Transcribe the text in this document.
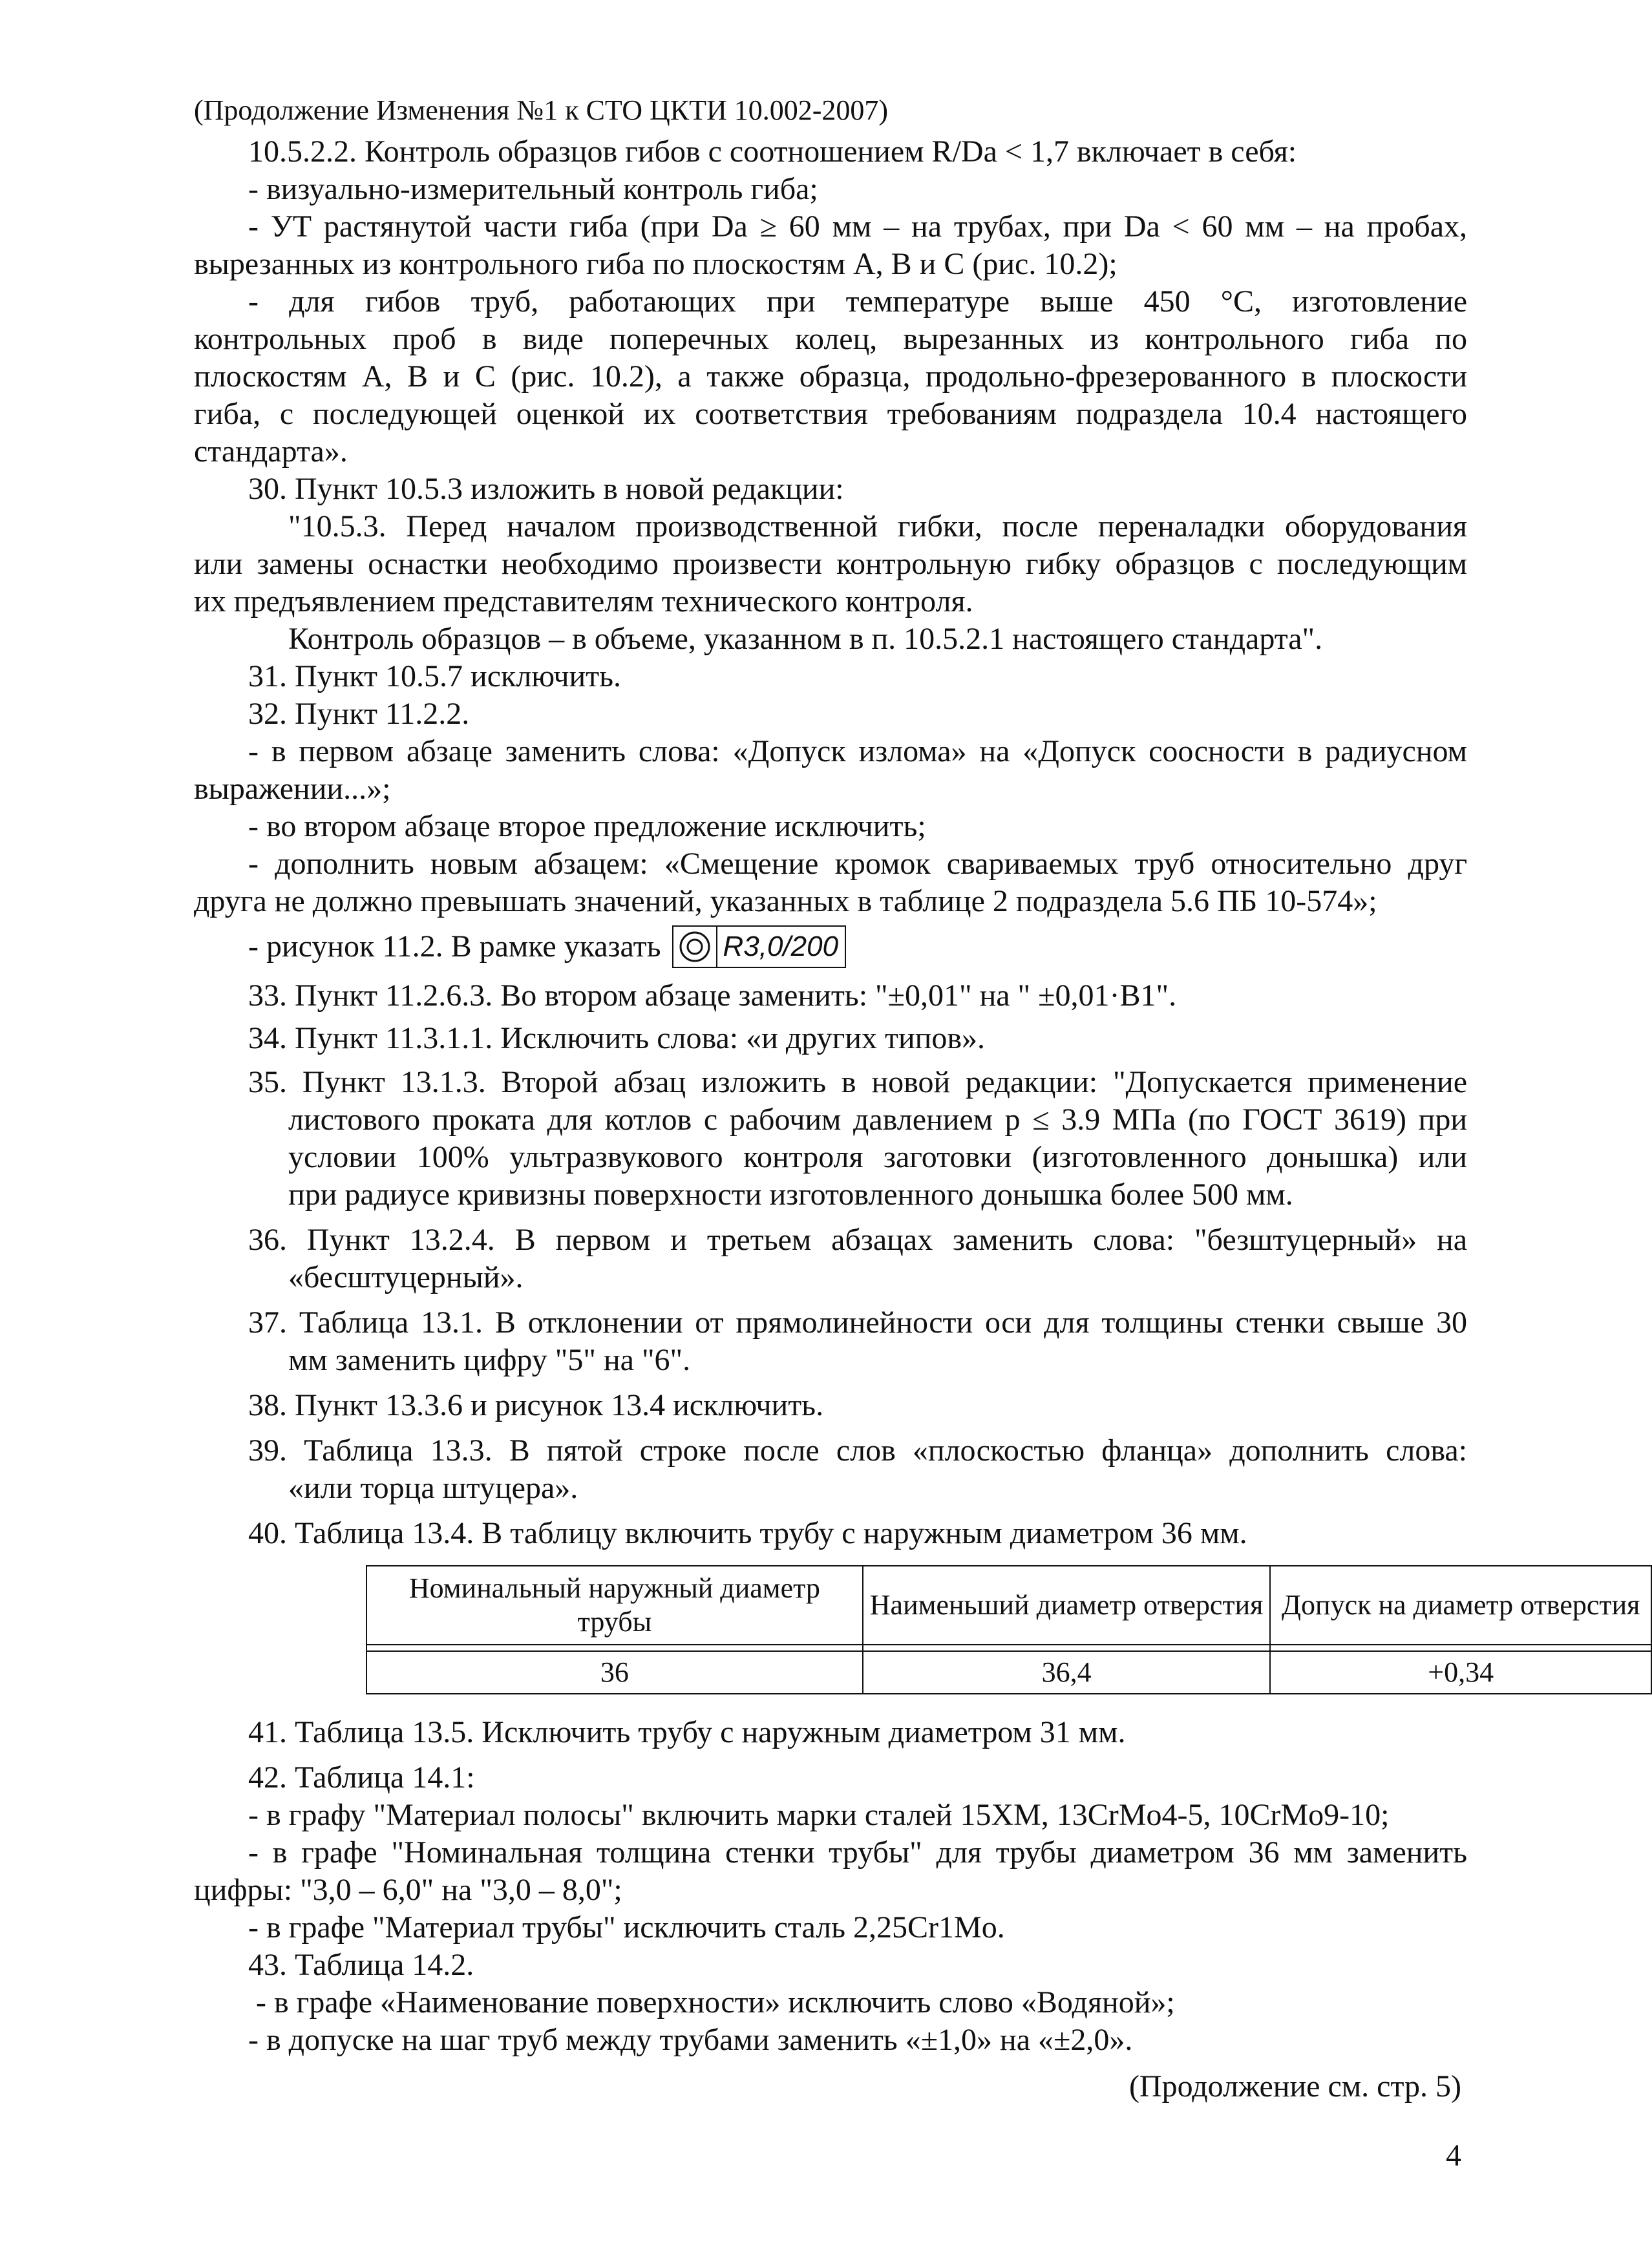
(Продолжение Изменения №1 к СТО ЦКТИ 10.002-2007)
10.5.2.2. Контроль образцов гибов с соотношением R/Dа < 1,7 включает в себя:
- визуально-измерительный контроль гиба;
- УТ растянутой части гиба (при Dа ≥ 60 мм – на трубах, при Dа < 60 мм – на пробах,
вырезанных из контрольного гиба по плоскостям А, В и С (рис. 10.2);
- для гибов труб, работающих при температуре выше 450 °С, изготовление
контрольных проб в виде поперечных колец, вырезанных из контрольного гиба по
плоскостям А, В и С (рис. 10.2), а также образца, продольно-фрезерованного в плоскости
гиба, с последующей оценкой их соответствия требованиям подраздела 10.4 настоящего
стандарта».
30. Пункт 10.5.3 изложить в новой редакции:
"10.5.3. Перед началом производственной гибки, после переналадки оборудования
или замены оснастки необходимо произвести контрольную гибку образцов с последующим
их предъявлением представителям технического контроля.
Контроль образцов – в объеме, указанном в п. 10.5.2.1 настоящего стандарта".
31. Пункт 10.5.7 исключить.
32. Пункт 11.2.2.
- в первом абзаце заменить слова: «Допуск излома» на «Допуск соосности в радиусном
выражении...»;
- во втором абзаце второе предложение исключить;
- дополнить новым абзацем: «Смещение кромок свариваемых труб относительно друг
друга не должно превышать значений, указанных в таблице 2 подраздела 5.6 ПБ 10-574»;
- рисунок 11.2. В рамке указать R3,0/200
33. Пункт 11.2.6.3. Во втором абзаце заменить: "±0,01" на " ±0,01·В1".
34. Пункт 11.3.1.1. Исключить слова: «и других типов».
35. Пункт 13.1.3. Второй абзац изложить в новой редакции: "Допускается применение
листового проката для котлов с рабочим давлением р ≤ 3.9 МПа (по ГОСТ 3619) при
условии 100% ультразвукового контроля заготовки (изготовленного донышка) или
при радиусе кривизны поверхности изготовленного донышка более 500 мм.
36. Пункт 13.2.4. В первом и третьем абзацах заменить слова: "безштуцерный» на
«бесштуцерный».
37. Таблица 13.1. В отклонении от прямолинейности оси для толщины стенки свыше 30
мм заменить цифру "5" на "6".
38. Пункт 13.3.6 и рисунок 13.4 исключить.
39. Таблица 13.3. В пятой строке после слов «плоскостью фланца» дополнить слова:
«или торца штуцера».
40. Таблица 13.4. В таблицу включить трубу с наружным диаметром 36 мм.
Номинальный наружный диаметр трубы	Наименьший диаметр отверстия	Допуск на диаметр отверстия

36	36,4	+0,34
41. Таблица 13.5. Исключить трубу с наружным диаметром 31 мм.
42. Таблица 14.1:
- в графу "Материал полосы" включить марки сталей 15ХМ, 13CrMo4-5, 10CrMo9-10;
- в графе "Номинальная толщина стенки трубы" для трубы диаметром 36 мм заменить
цифры: "3,0 – 6,0" на "3,0 – 8,0";
- в графе "Материал трубы" исключить сталь 2,25Cr1Mo.
43. Таблица 14.2.
- в графе «Наименование поверхности» исключить слово «Водяной»;
- в допуске на шаг труб между трубами заменить «±1,0» на «±2,0».
(Продолжение см. стр. 5)
4
